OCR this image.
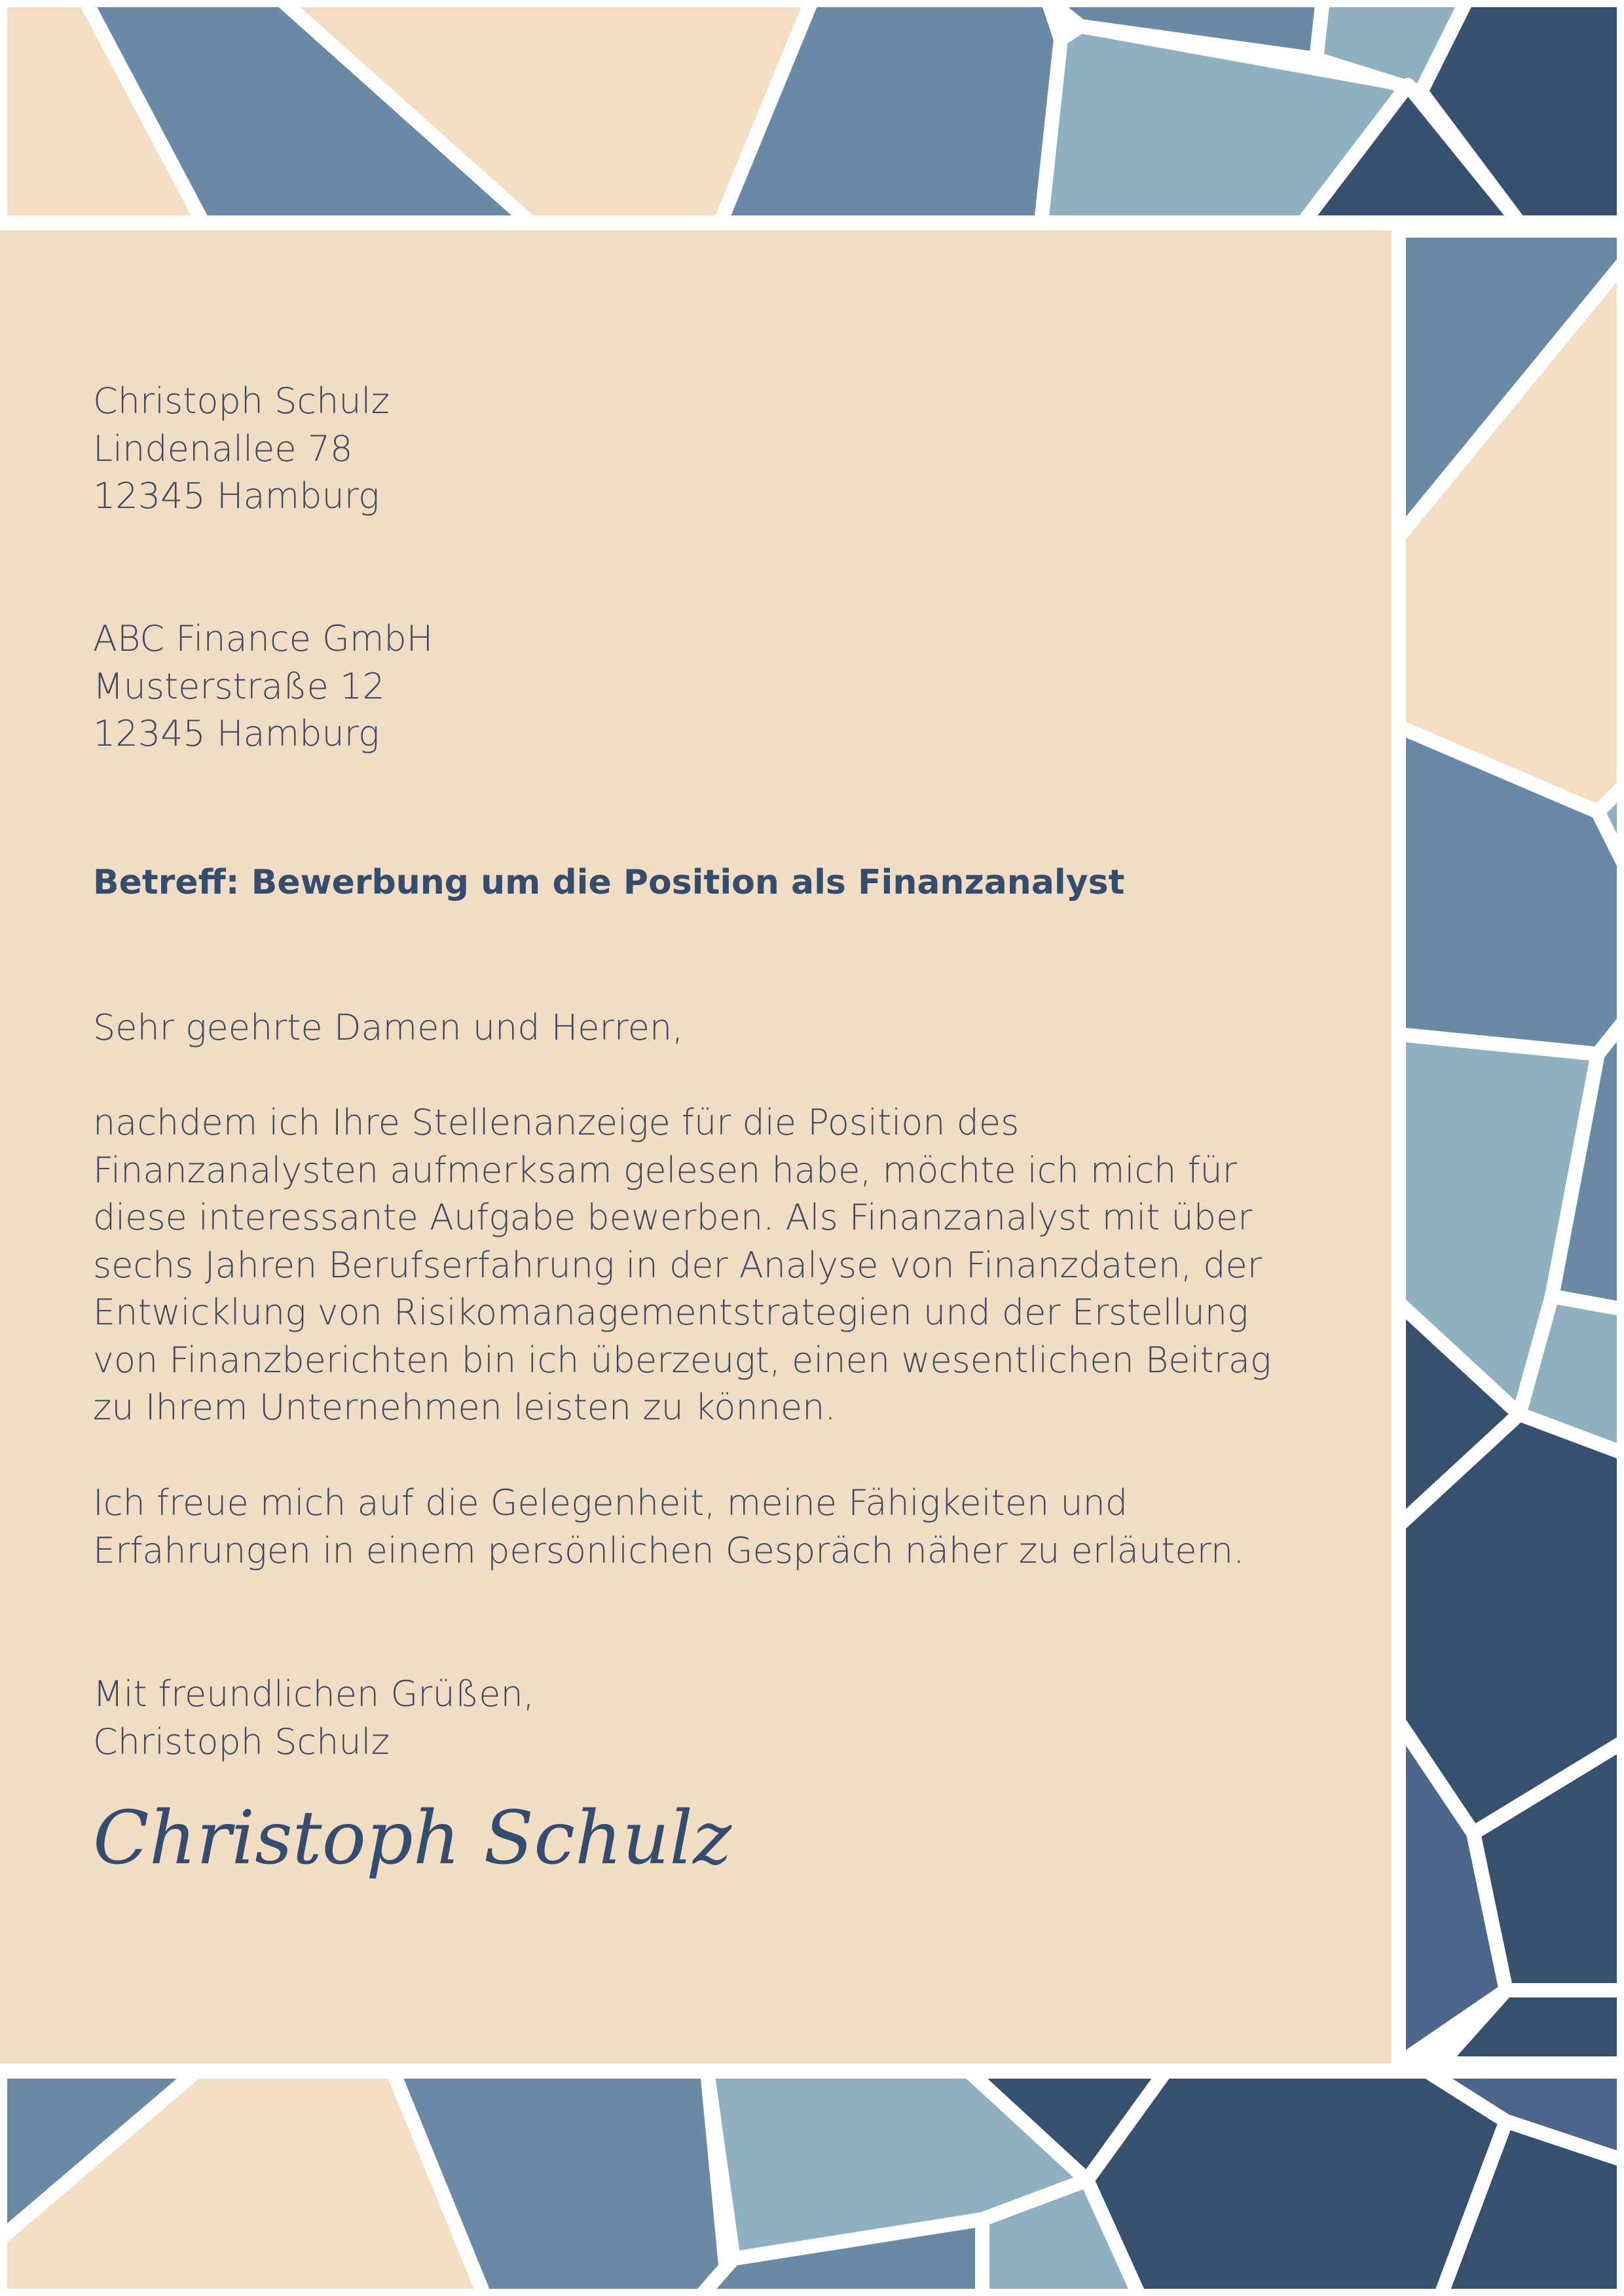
Christoph Schulz
Lindenallee 78
12345 Hamburg
ABC Finance GmbH
Musterstraße 12
12345 Hamburg
Betreff: Bewerbung um die Position als Finanzanalyst
Sehr geehrte Damen und Herren,
nachdem ich Ihre Stellenanzeige für die Position des Finanzanalysten aufmerksam gelesen habe, möchte ich mich für diese interessante Aufgabe bewerben. Als Finanzanalyst mit über sechs Jahren Berufserfahrung in der Analyse von Finanzdaten, der Entwicklung von Risikomanagementstrategien und der Erstellung von Finanzberichten bin ich überzeugt, einen wesentlichen Beitrag zu Ihrem Unternehmen leisten zu können.
Ich freue mich auf die Gelegenheit, meine Fähigkeiten und Erfahrungen in einem persönlichen Gespräch näher zu erläutern.
Mit freundlichen Grüßen,
Christoph Schulz
Christoph Schulz
